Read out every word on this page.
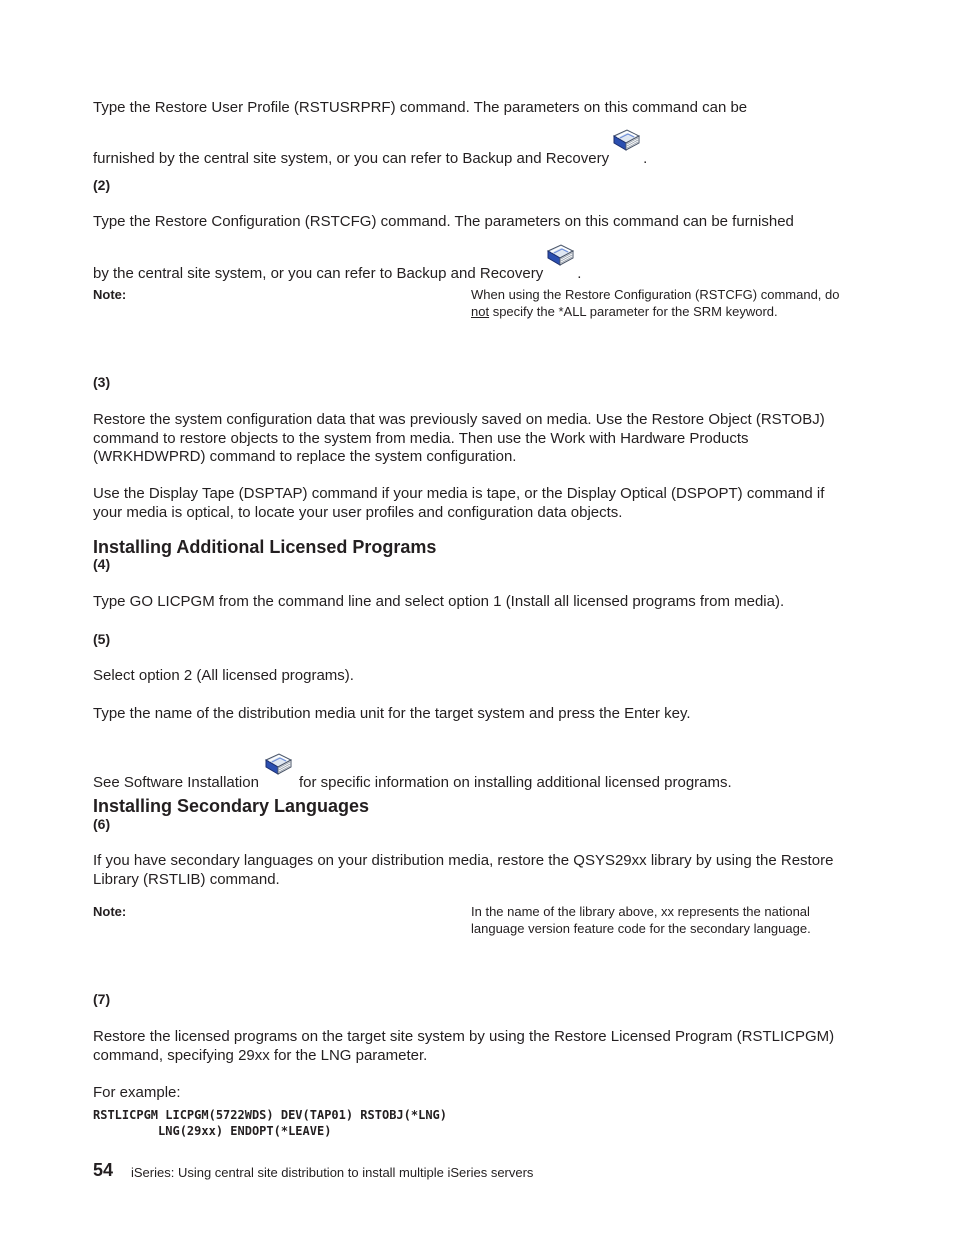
Type the Restore User Profile (RSTUSRPRF) command. The parameters on this command can be

furnished by the central site system, or you can refer to Backup and Recovery .

(2)

Type the Restore Configuration (RSTCFG) command. The parameters on this command can be furnished

by the central site system, or you can refer to Backup and Recovery .

Note:	When using the Restore Configuration (RSTCFG) command, do not specify the *ALL parameter for the SRM keyword.
(3)

Restore the system configuration data that was previously saved on media. Use the Restore Object (RSTOBJ) command to restore objects to the system from media. Then use the Work with Hardware Products (WRKHDWPRD) command to replace the system configuration.

Use the Display Tape (DSPTAP) command if your media is tape, or the Display Optical (DSPOPT) command if your media is optical, to locate your user profiles and configuration data objects.

Installing Additional Licensed Programs
(4)

Type GO LICPGM from the command line and select option 1 (Install all licensed programs from media).

(5)

Select option 2 (All licensed programs).

Type the name of the distribution media unit for the target system and press the Enter key.

See Software Installation	for specific information on installing additional licensed programs.

Installing Secondary Languages
(6)

If you have secondary languages on your distribution media, restore the QSYS29xx library by using the Restore Library (RSTLIB) command.

Note:	In the name of the library above, xx represents the national language version feature code for the secondary language.
(7)

Restore the licensed programs on the target site system by using the Restore Licensed Program (RSTLICPGM) command, specifying 29xx for the LNG parameter.

For example:

RSTLICPGM LICPGM(5722WDS) DEV(TAP01) RSTOBJ(*LNG)
LNG(29xx) ENDOPT(*LEAVE)
54 iSeries: Using central site distribution to install multiple iSeries servers
